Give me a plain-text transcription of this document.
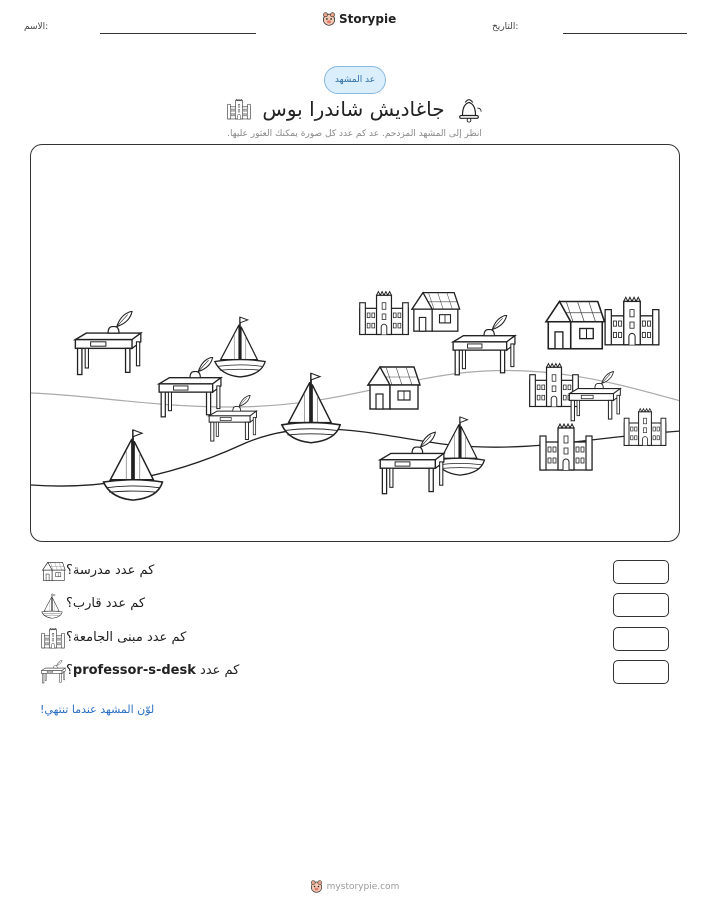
الاسم:
Storypie
التاريخ:
عد المشهد
جاغاديش شاندرا بوس
انظر إلى المشهد المزدحم. عد كم عدد كل صورة يمكنك العثور عليها.
كم عدد مدرسة؟
كم عدد قارب؟
كم عدد مبنى الجامعة؟
كم عدد professor-s-desk؟
لوّن المشهد عندما تنتهي!
mystorypie.com
